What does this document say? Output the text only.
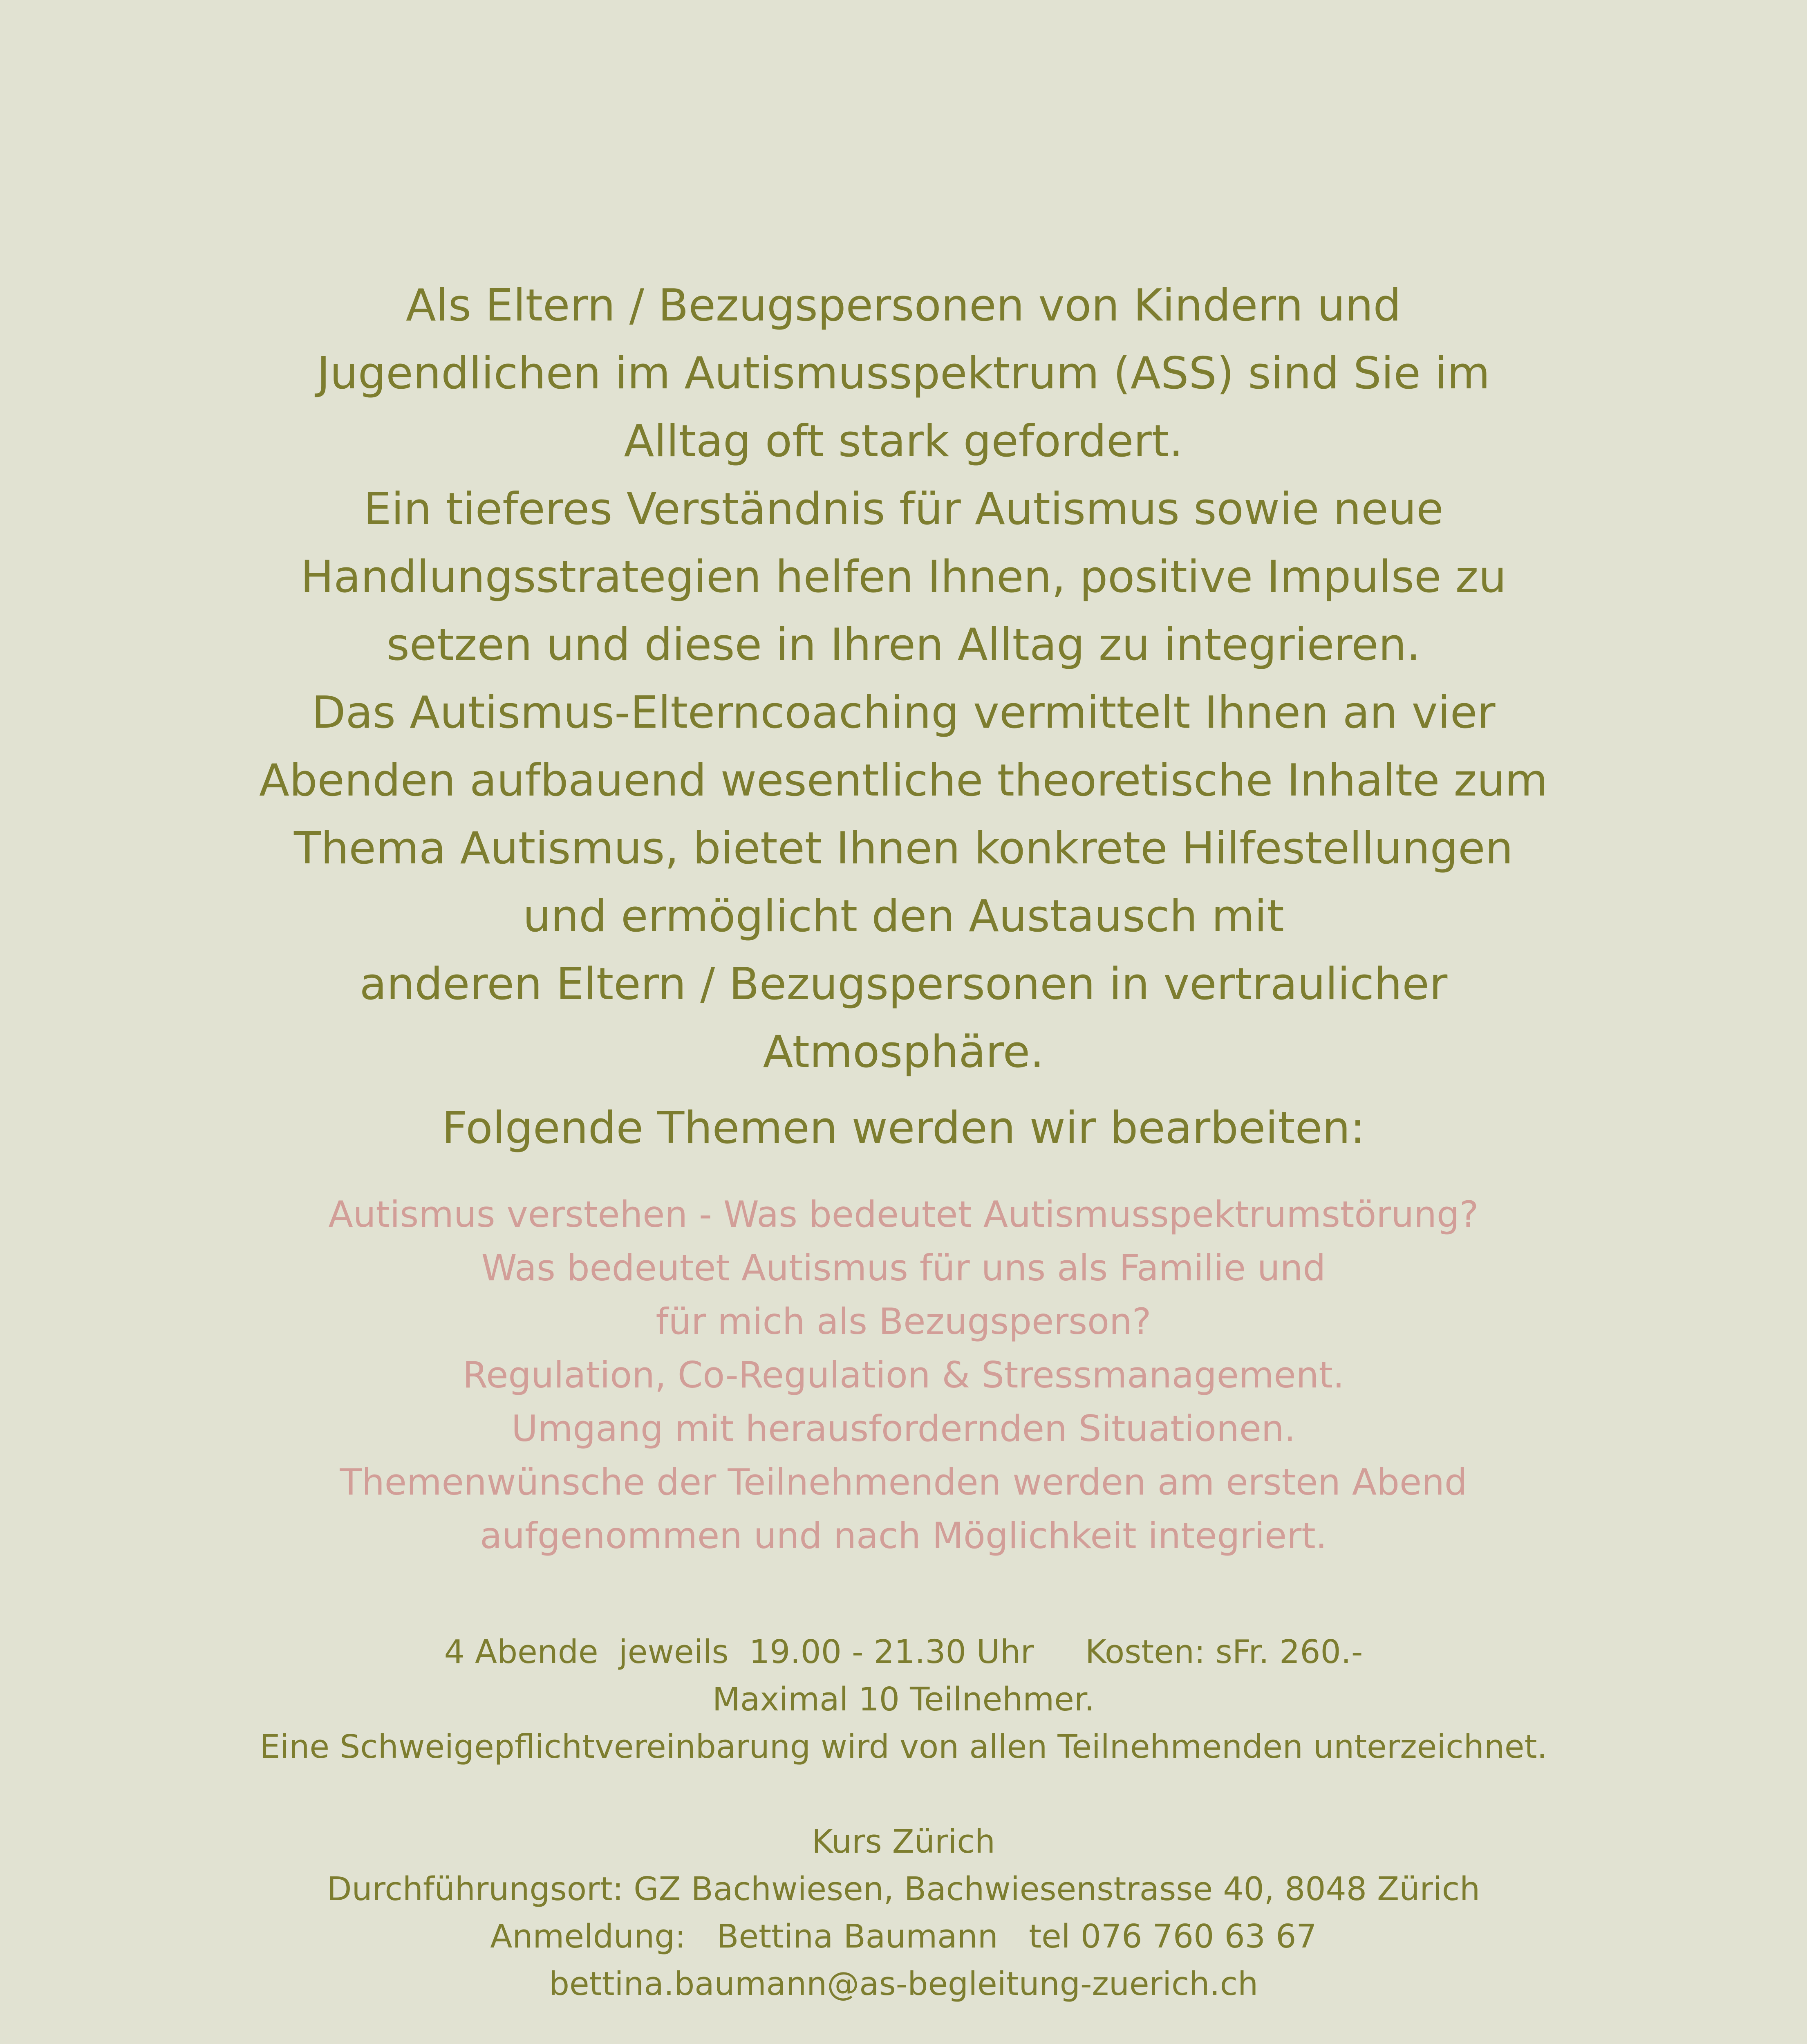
Als Eltern / Bezugspersonen von Kindern und
Jugendlichen im Autismusspektrum (ASS) sind Sie im
Alltag oft stark gefordert.
Ein tieferes Verständnis für Autismus sowie neue
Handlungsstrategien helfen Ihnen, positive Impulse zu
setzen und diese in Ihren Alltag zu integrieren.
Das Autismus-Elterncoaching vermittelt Ihnen an vier
Abenden aufbauend wesentliche theoretische Inhalte zum
Thema Autismus, bietet Ihnen konkrete Hilfestellungen
und ermöglicht den Austausch mit
anderen Eltern / Bezugspersonen in vertraulicher
Atmosphäre.
Folgende Themen werden wir bearbeiten:
Autismus verstehen - Was bedeutet Autismusspektrumstörung?
Was bedeutet Autismus für uns als Familie und
für mich als Bezugsperson?
Regulation, Co-Regulation & Stressmanagement.
Umgang mit herausfordernden Situationen.
Themenwünsche der Teilnehmenden werden am ersten Abend
aufgenommen und nach Möglichkeit integriert.
4 Abende  jeweils  19.00 - 21.30 Uhr     Kosten: sFr. 260.-
Maximal 10 Teilnehmer.
Eine Schweigepflichtvereinbarung wird von allen Teilnehmenden unterzeichnet.
Kurs Zürich
Durchführungsort: GZ Bachwiesen, Bachwiesenstrasse 40, 8048 Zürich
Anmeldung:   Bettina Baumann   tel 076 760 63 67
bettina.baumann@as-begleitung-zuerich.ch
